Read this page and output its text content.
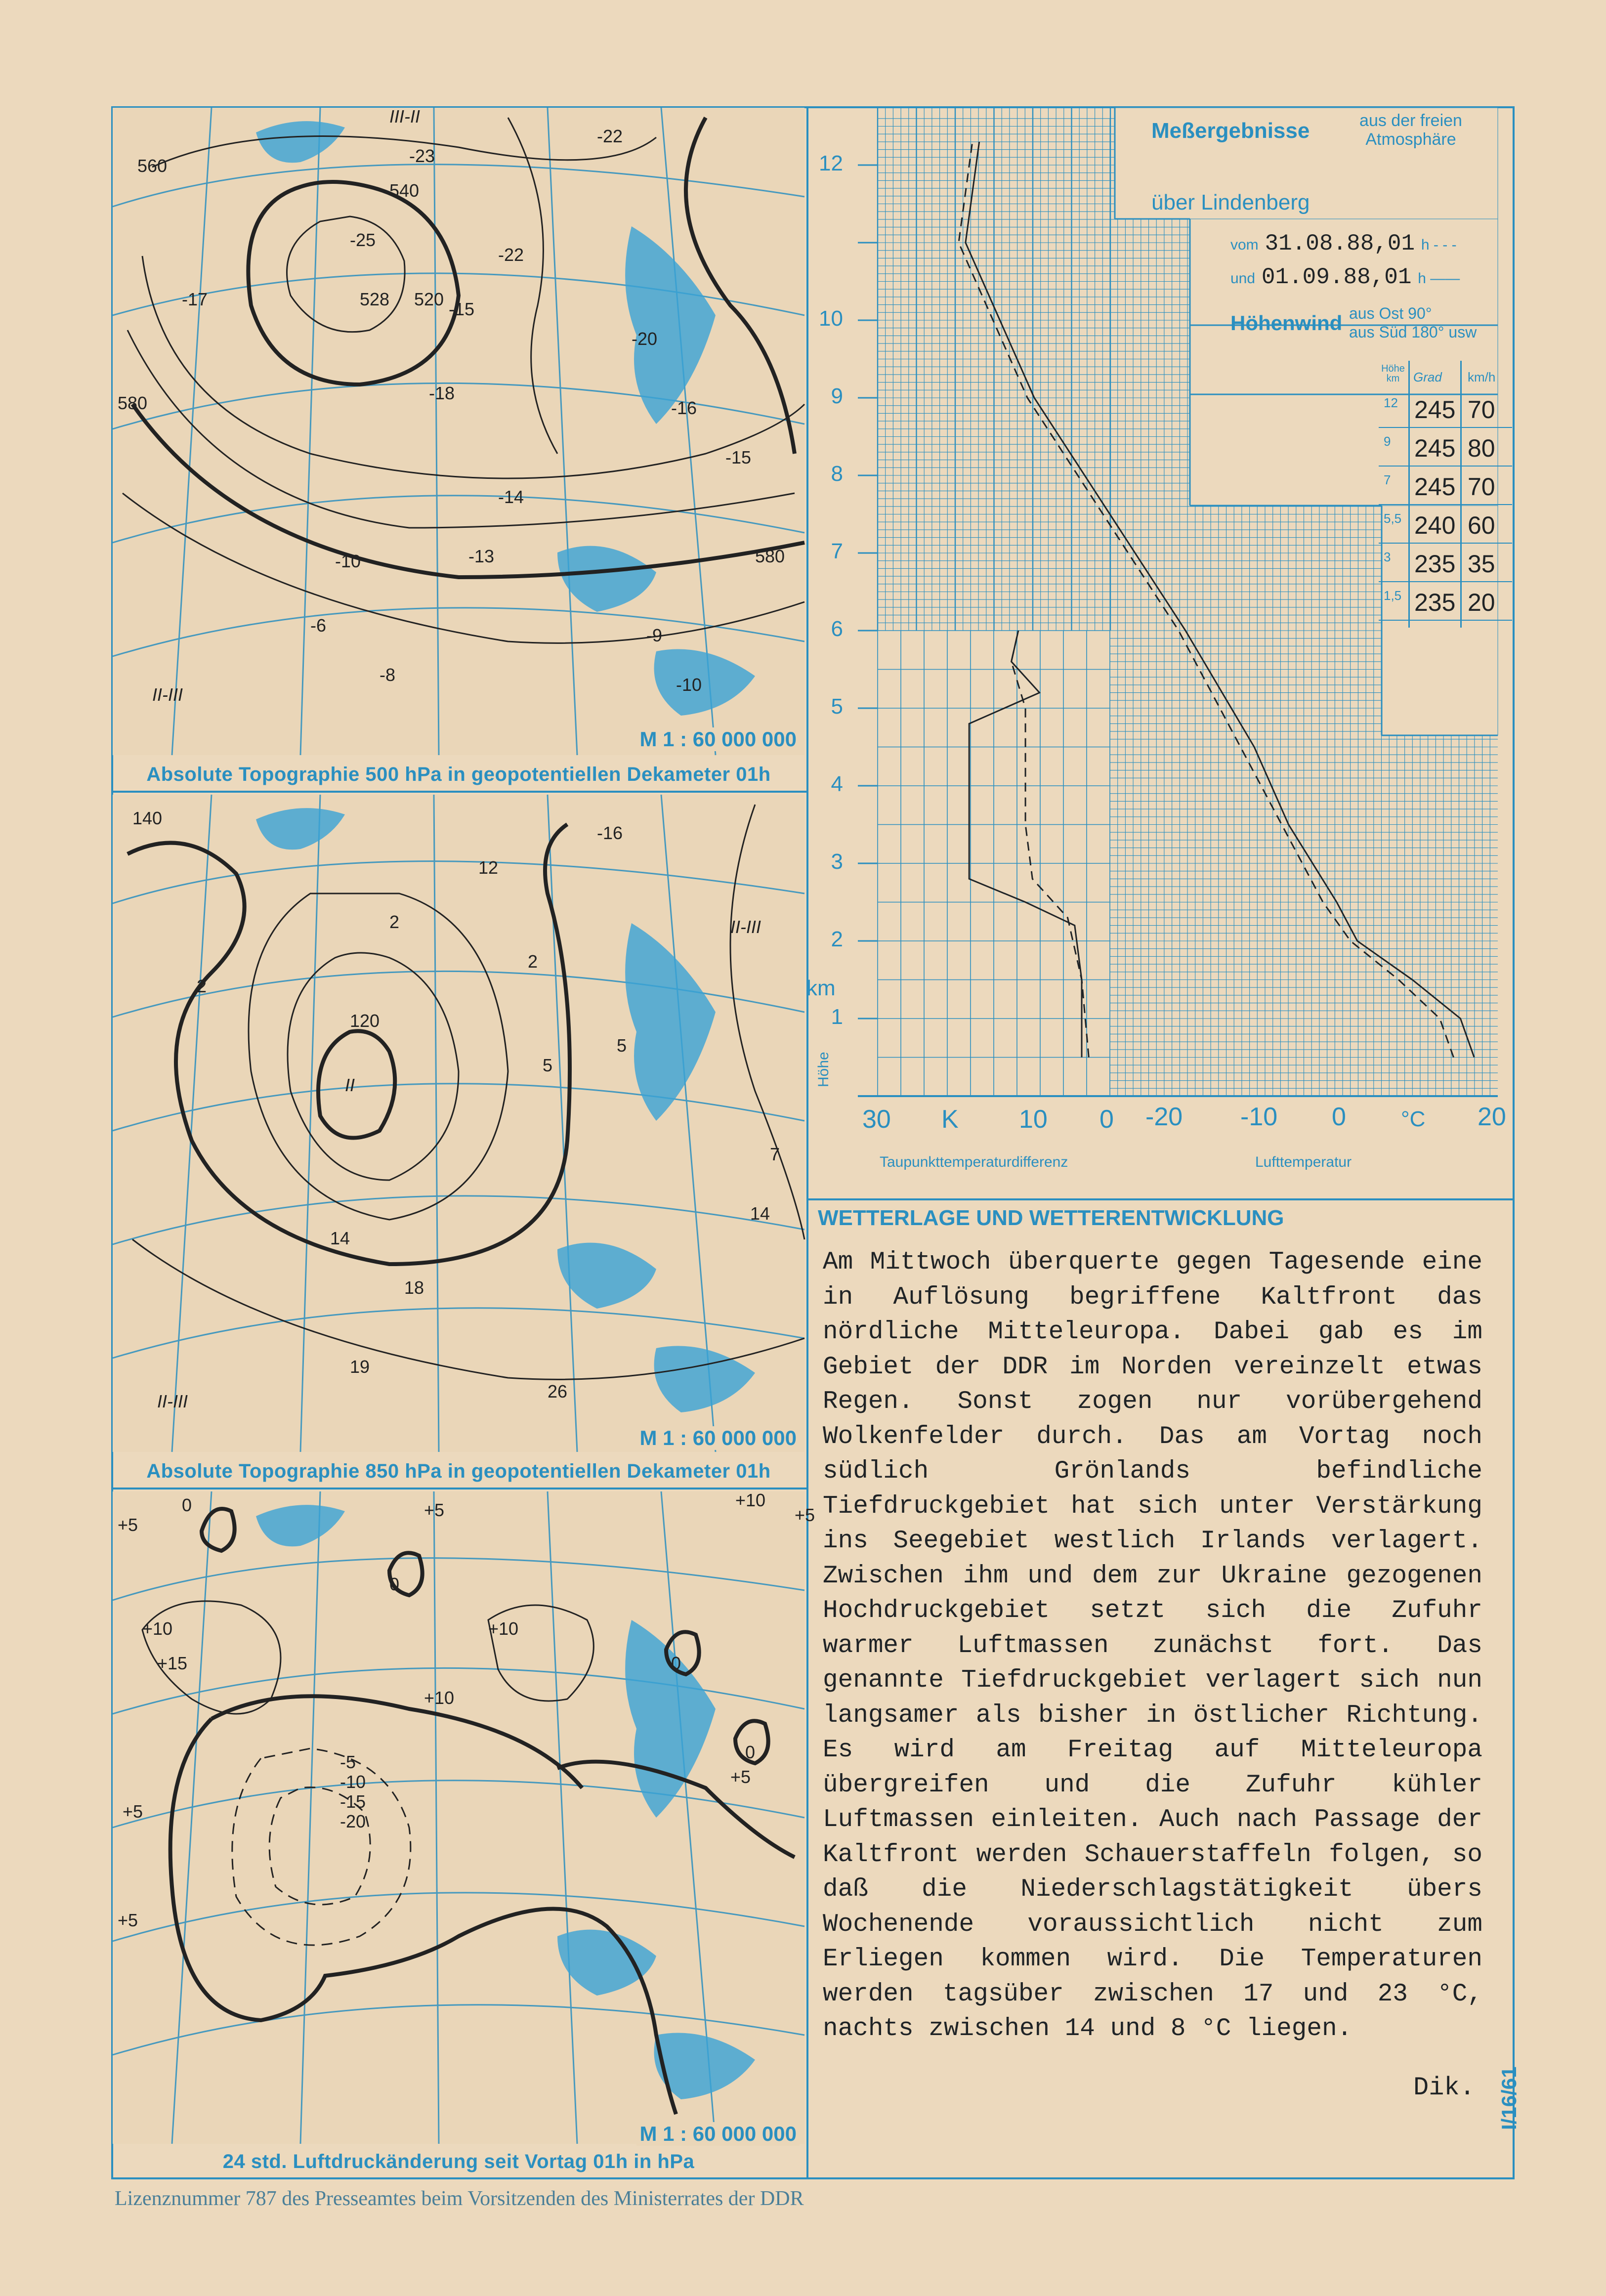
560
540
528 520
580
580
-23
-22
-25
-22
-17	-15
-18
-16
-15
-20
-14
-13
-10
-9
-10
-8
-6
II-III
III-II
M 1 : 60 000 000
Absolute Topographie 500 hPa in geopotentiellen Dekameter 01h
140
2
2
-16
12
120
II
2
5
5
7
14
14
18
19
26
II-III
II-III
M 1 : 60 000 000
Absolute Topographie 850 hPa in geopotentiellen Dekameter 01h
0
+5
+10
+15
+10
+5
+10
+5
-5
-10
-15
-20
+5
+5
0
0
0
+10
+5
M 1 : 60 000 000
24 std. Luftdruckänderung seit Vortag 01h in hPa
Meßergebnisse	aus der freien
Atmosphäre
über Lindenberg
vom 31.08.88,01 h - - -
und 01.09.88,01 h ——
Höhenwind aus Ost 90°
aus Süd 180° usw
Höhe km	Grad km/h
12 245 70
9 245 80
7 245 70
5,5 240 60
3 235 35
1,5 235 20
1
2
3
4
5
6
7
8
9
10
12
km
Höhe
30 K 10 0 -20 -10 0	°C 20
Taupunkttemperaturdifferenz	Lufttemperatur
WETTERLAGE UND WETTERENTWICKLUNG

Am Mittwoch überquerte gegen Tagesende eine in Auflösung begriffene Kaltfront das nördliche Mitteleuropa. Dabei gab es im Gebiet der DDR im Norden vereinzelt etwas Regen. Sonst zogen nur vorübergehend Wolkenfelder durch. Das am Vortag noch südlich Grönlands befindliche Tiefdruckgebiet hat sich unter Verstärkung ins Seegebiet westlich Irlands verlagert. Zwischen ihm und dem zur Ukraine gezogenen Hochdruckgebiet setzt sich die Zufuhr warmer Luftmassen zunächst fort. Das genannte Tiefdruckgebiet verlagert sich nun langsamer als bisher in östlicher Richtung. Es wird am Freitag auf Mitteleuropa übergreifen und die Zufuhr kühler Luftmassen einleiten. Auch nach Passage der Kaltfront werden Schauerstaffeln folgen, so daß die Niederschlagstätigkeit übers Wochenende voraussichtlich nicht zum Erliegen kommen wird. Die Temperaturen werden tagsüber zwischen 17 und 23 °C, nachts zwischen 14 und 8 °C liegen.

Dik.
Lizenznummer 787 des Presseamtes beim Vorsitzenden des Ministerrates der DDR
I/16/61
